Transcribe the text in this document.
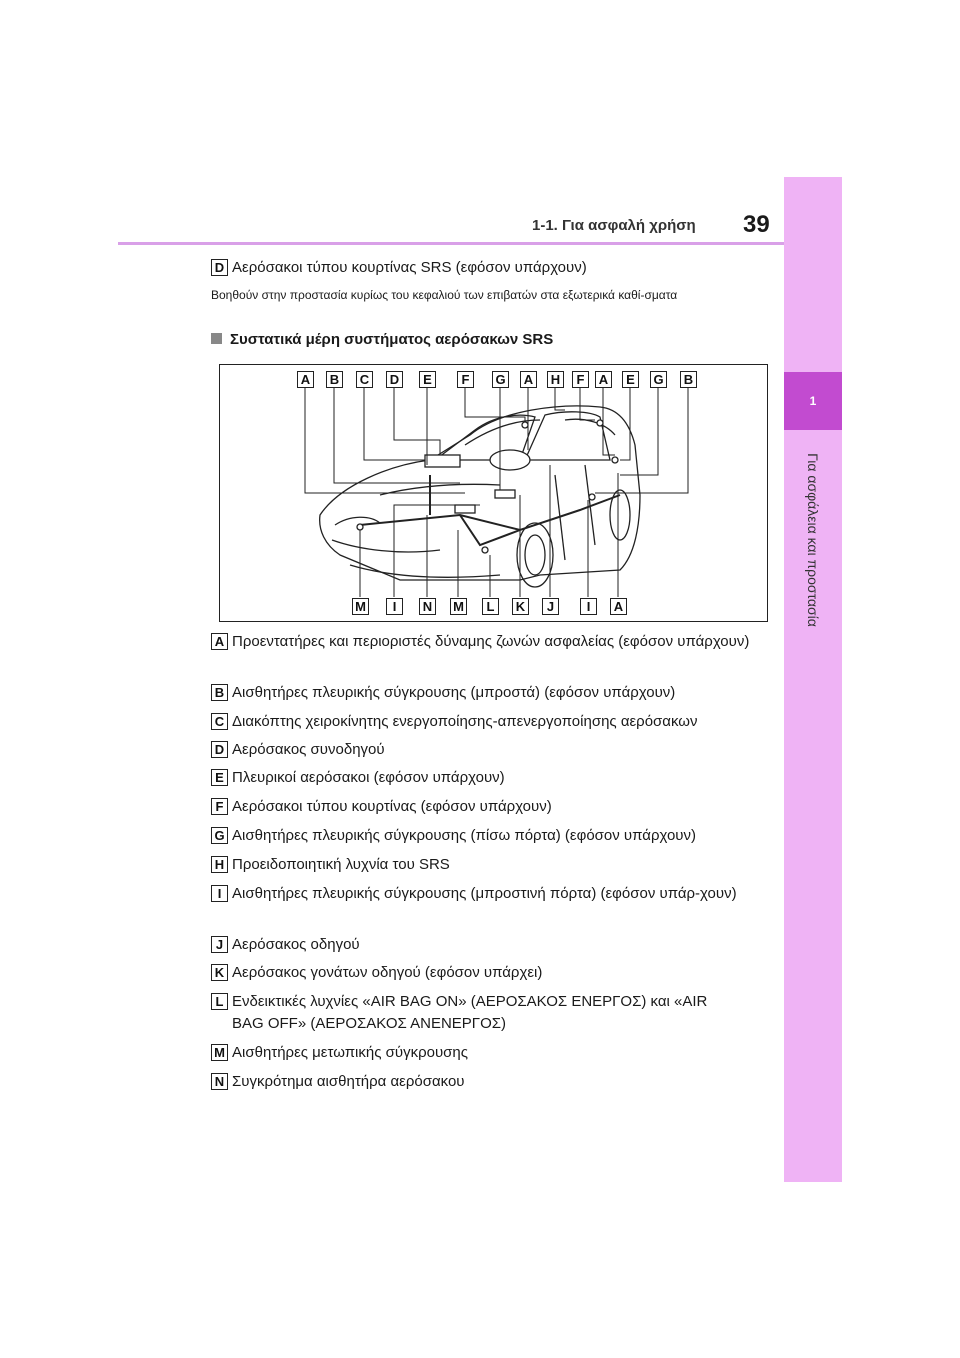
1
Για ασφάλεια και προστασία
1-1. Για ασφαλή χρήση 39
D Αερόσακοι τύπου κουρτίνας SRS (εφόσον υπάρχουν)
Βοηθούν στην προστασία κυρίως του κεφαλιού των επιβατών στα εξωτερικά καθί-σματα
Συστατικά μέρη συστήματος αερόσακων SRS
A B C D	E	F	G A H	F	A	E	G B
M	I	N M	L	K	J	I	A
A Προεντατήρες και περιοριστές δύναμης ζωνών ασφαλείας (εφόσον υπάρχουν)
B Αισθητήρες πλευρικής σύγκρουσης (μπροστά) (εφόσον υπάρχουν)
C Διακόπτης χειροκίνητης ενεργοποίησης-απενεργοποίησης αερόσακων
D Αερόσακος συνοδηγού
E Πλευρικοί αερόσακοι (εφόσον υπάρχουν)
F Αερόσακοι τύπου κουρτίνας (εφόσον υπάρχουν)
G Αισθητήρες πλευρικής σύγκρουσης (πίσω πόρτα) (εφόσον υπάρχουν)
H Προειδοποιητική λυχνία του SRS
I Αισθητήρες πλευρικής σύγκρουσης (μπροστινή πόρτα) (εφόσον υπάρ-χουν)
J Αερόσακος οδηγού
K Αερόσακος γονάτων οδηγού (εφόσον υπάρχει)
L Ενδεικτικές λυχνίες «AIR BAG ON» (ΑΕΡΟΣΑΚΟΣ ΕΝΕΡΓΟΣ) και «AIR BAG OFF» (ΑΕΡΟΣΑΚΟΣ ΑΝΕΝΕΡΓΟΣ)
M Αισθητήρες μετωπικής σύγκρουσης
N Συγκρότημα αισθητήρα αερόσακου
